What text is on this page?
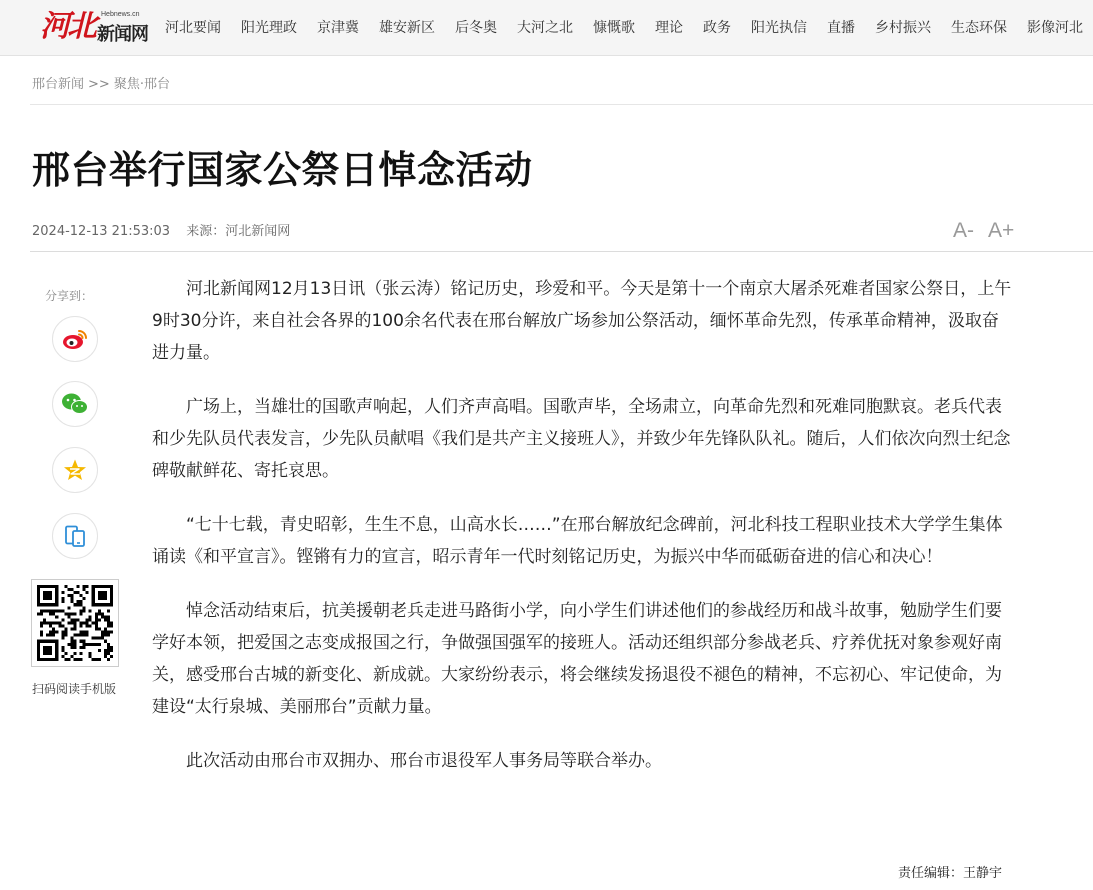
河北 Hebnews.cn
新闻网	河北要闻	阳光理政	京津冀	雄安新区	后冬奥	大河之北	慷慨歌	理论	政务	阳光执信	直播	乡村振兴	生态环保	影像河北
邢台新闻 >> 聚焦·邢台
邢台举行国家公祭日悼念活动
2024-12-13 21:53:03 来源：河北新闻网	A- A+
分享到：
扫码阅读手机版

河北新闻网12月13日讯（张云涛）铭记历史，珍爱和平。今天是第十一个南京大屠杀死难者国家公祭日，上午9时30分许，来自社会各界的100余名代表在邢台解放广场参加公祭活动，缅怀革命先烈，传承革命精神，汲取奋进力量。

广场上，当雄壮的国歌声响起，人们齐声高唱。国歌声毕，全场肃立，向革命先烈和死难同胞默哀。老兵代表和少先队员代表发言，少先队员献唱《我们是共产主义接班人》，并致少年先锋队队礼。随后，人们依次向烈士纪念碑敬献鲜花、寄托哀思。

“七十七载，青史昭彰，生生不息，山高水长……”在邢台解放纪念碑前，河北科技工程职业技术大学学生集体诵读《和平宣言》。铿锵有力的宣言，昭示青年一代时刻铭记历史，为振兴中华而砥砺奋进的信心和决心！

悼念活动结束后，抗美援朝老兵走进马路街小学，向小学生们讲述他们的参战经历和战斗故事，勉励学生们要学好本领，把爱国之志变成报国之行，争做强国强军的接班人。活动还组织部分参战老兵、疗养优抚对象参观好南关，感受邢台古城的新变化、新成就。大家纷纷表示，将会继续发扬退役不褪色的精神，不忘初心、牢记使命，为建设“太行泉城、美丽邢台”贡献力量。

此次活动由邢台市双拥办、邢台市退役军人事务局等联合举办。

责任编辑：王静宇
